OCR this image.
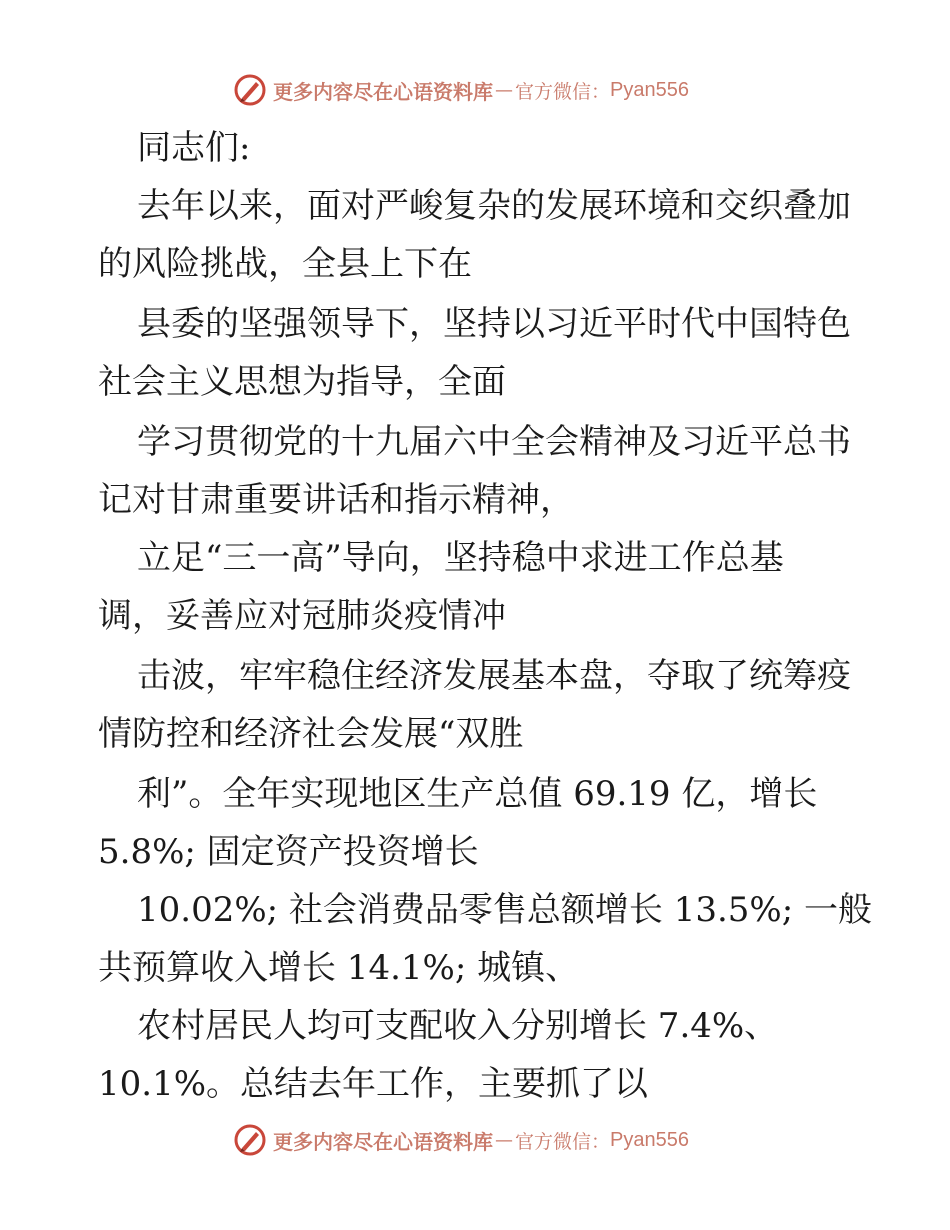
更多内容尽在心语资料库 — 官方微信： Pyan556
同志们:
去年以来，面对严峻复杂的发展环境和交织叠加
的风险挑战，全县上下在
县委的坚强领导下，坚持以习近平时代中国特色
社会主义思想为指导，全面
学习贯彻党的十九届六中全会精神及习近平总书
记对甘肃重要讲话和指示精神，
立足“三一高”导向，坚持稳中求进工作总基
调，妥善应对冠肺炎疫情冲
击波，牢牢稳住经济发展基本盘，夺取了统筹疫
情防控和经济社会发展“双胜
利”。全年实现地区生产总值 69.19 亿，增长
5.8%; 固定资产投资增长
10.02%; 社会消费品零售总额增长 13.5%; 一般
共预算收入增长 14.1%; 城镇、
农村居民人均可支配收入分别增长 7.4%、
10.1%。总结去年工作，主要抓了以
更多内容尽在心语资料库 — 官方微信： Pyan556
